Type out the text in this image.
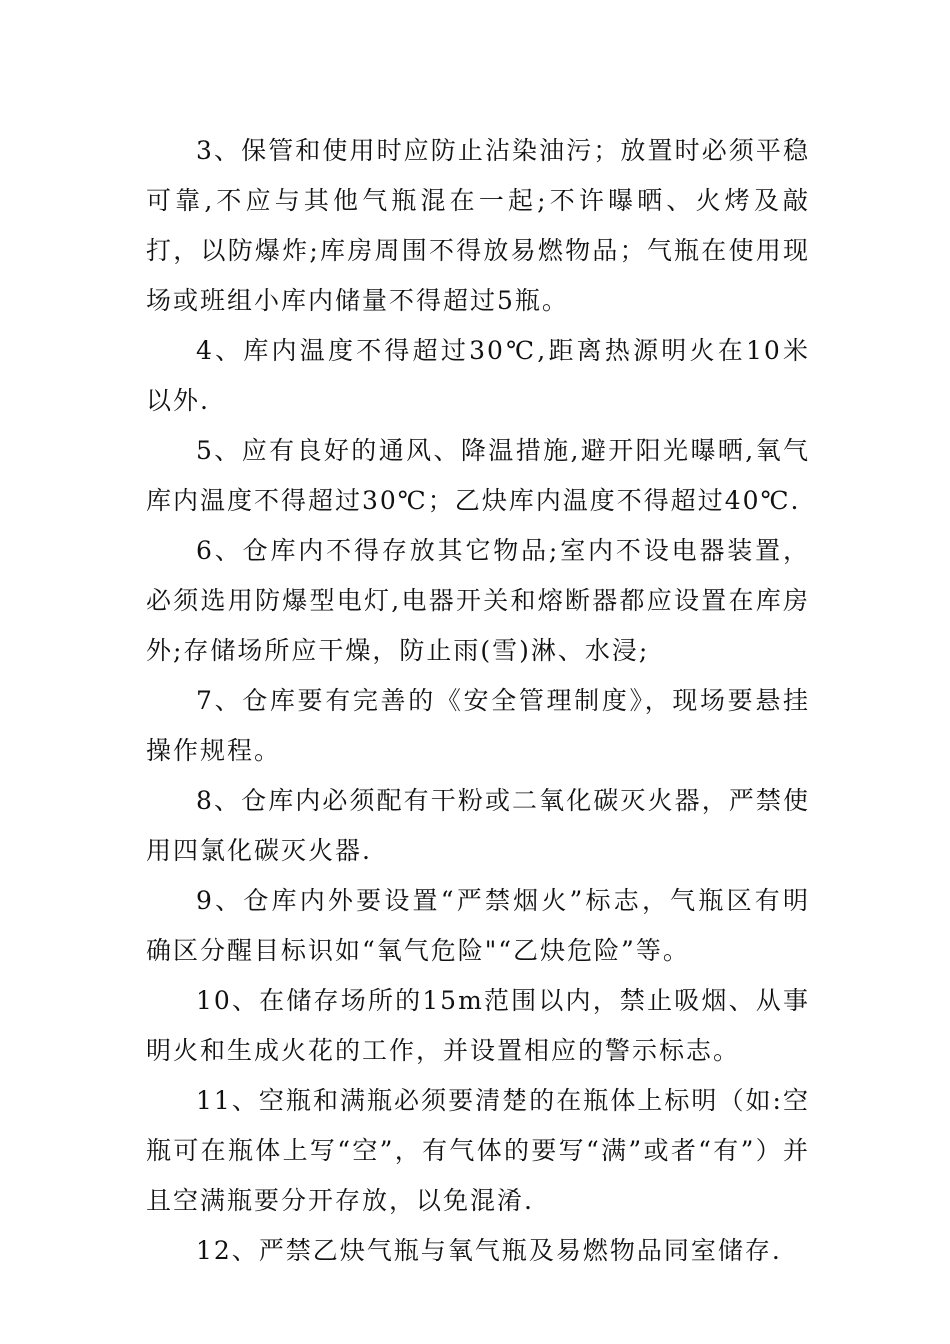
3、保管和使用时应防止沾染油污；放置时必须平稳可靠,不应与其他气瓶混在一起;不许曝晒、火烤及敲打，以防爆炸;库房周围不得放易燃物品；气瓶在使用现场或班组小库内储量不得超过5瓶。

4、库内温度不得超过30℃,距离热源明火在10米以外.

5、应有良好的通风、降温措施,避开阳光曝晒,氧气库内温度不得超过30℃；乙炔库内温度不得超过40℃.

6、仓库内不得存放其它物品;室内不设电器装置，必须选用防爆型电灯,电器开关和熔断器都应设置在库房外;存储场所应干燥，防止雨(雪)淋、水浸;

7、仓库要有完善的《安全管理制度》，现场要悬挂操作规程。

8、仓库内必须配有干粉或二氧化碳灭火器，严禁使用四氯化碳灭火器.

9、仓库内外要设置“严禁烟火”标志，气瓶区有明确区分醒目标识如“氧气危险"“乙炔危险”等。

10、在储存场所的15m范围以内，禁止吸烟、从事明火和生成火花的工作，并设置相应的警示标志。

11、空瓶和满瓶必须要清楚的在瓶体上标明（如:空瓶可在瓶体上写“空”，有气体的要写“满”或者“有”）并且空满瓶要分开存放，以免混淆.

12、严禁乙炔气瓶与氧气瓶及易燃物品同室储存.
